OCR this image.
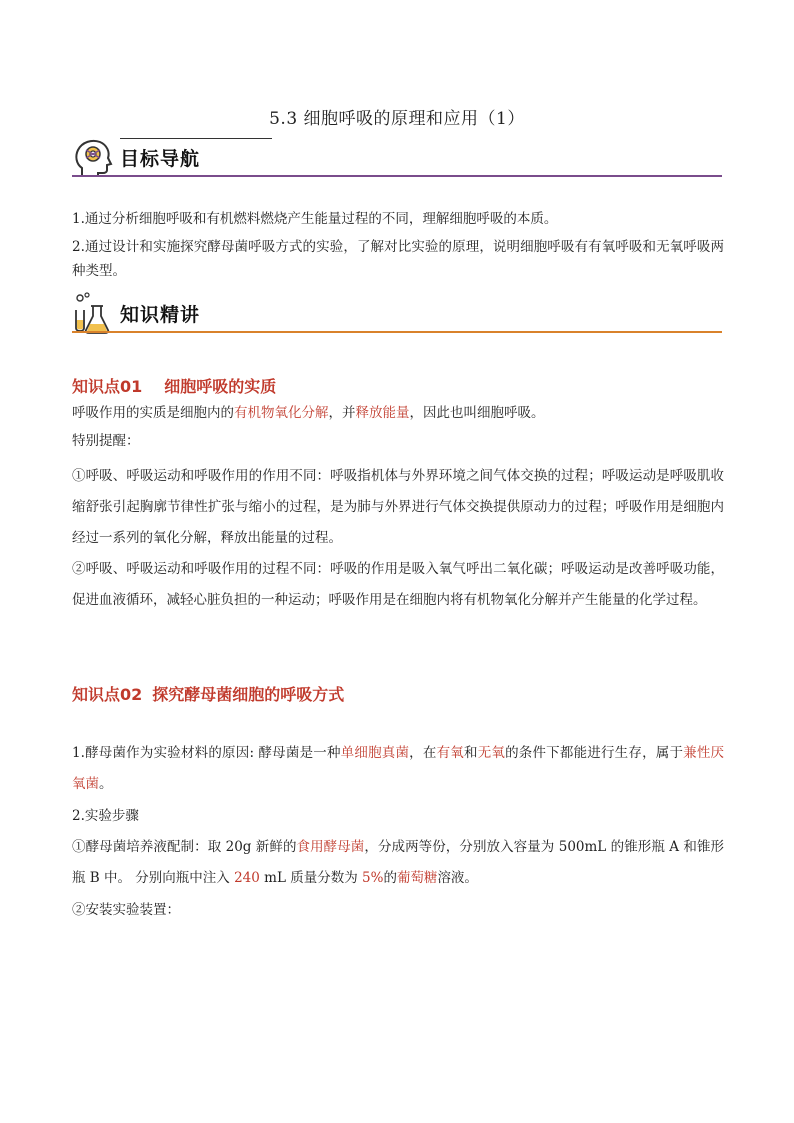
5.3 细胞呼吸的原理和应用（1）
目标导航
1.通过分析细胞呼吸和有机燃料燃烧产生能量过程的不同，理解细胞呼吸的本质。
2.通过设计和实施探究酵母菌呼吸方式的实验，了解对比实验的原理，说明细胞呼吸有有氧呼吸和无氧呼吸两种类型。
知识精讲
知识点01 细胞呼吸的实质
呼吸作用的实质是细胞内的有机物氧化分解，并释放能量，因此也叫细胞呼吸。
特别提醒：
①呼吸、呼吸运动和呼吸作用的作用不同：呼吸指机体与外界环境之间气体交换的过程；呼吸运动是呼吸肌收缩舒张引起胸廓节律性扩张与缩小的过程，是为肺与外界进行气体交换提供原动力的过程；呼吸作用是细胞内经过一系列的氧化分解，释放出能量的过程。
②呼吸、呼吸运动和呼吸作用的过程不同：呼吸的作用是吸入氧气呼出二氧化碳；呼吸运动是改善呼吸功能，促进血液循环，减轻心脏负担的一种运动；呼吸作用是在细胞内将有机物氧化分解并产生能量的化学过程。
知识点02 探究酵母菌细胞的呼吸方式
1.酵母菌作为实验材料的原因: 酵母菌是一种单细胞真菌，在有氧和无氧的条件下都能进行生存，属于兼性厌氧菌。
2.实验步骤
①酵母菌培养液配制：取 20g 新鲜的食用酵母菌，分成两等份，分别放入容量为 500mL 的锥形瓶 A 和锥形瓶 B 中。 分别向瓶中注入 240 mL 质量分数为 5%的葡萄糖溶液。
②安装实验装置：
